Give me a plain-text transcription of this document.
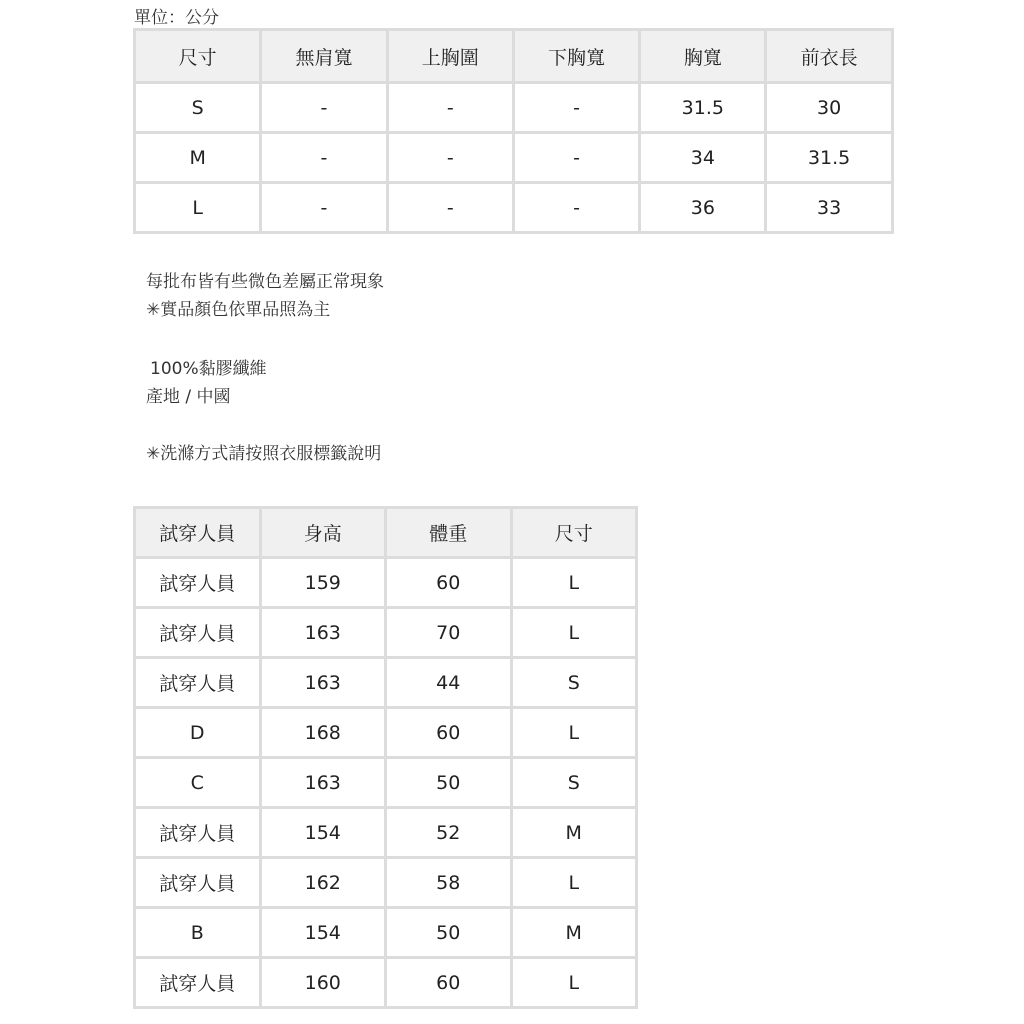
單位：公分
尺寸	無肩寬	上胸圍	下胸寬	胸寬	前衣長
S	-	-	-	31.5	30
M	-	-	-	34	31.5
L	-	-	-	36	33
每批布皆有些微色差屬正常現象
✳實品顏色依單品照為主
100%黏膠纖維
產地 / 中國
✳洗滌方式請按照衣服標籤說明
試穿人員	身高	體重	尺寸
試穿人員	159	60	L
試穿人員	163	70	L
試穿人員	163	44	S
D	168	60	L
C	163	50	S
試穿人員	154	52	M
試穿人員	162	58	L
B	154	50	M
試穿人員	160	60	L
